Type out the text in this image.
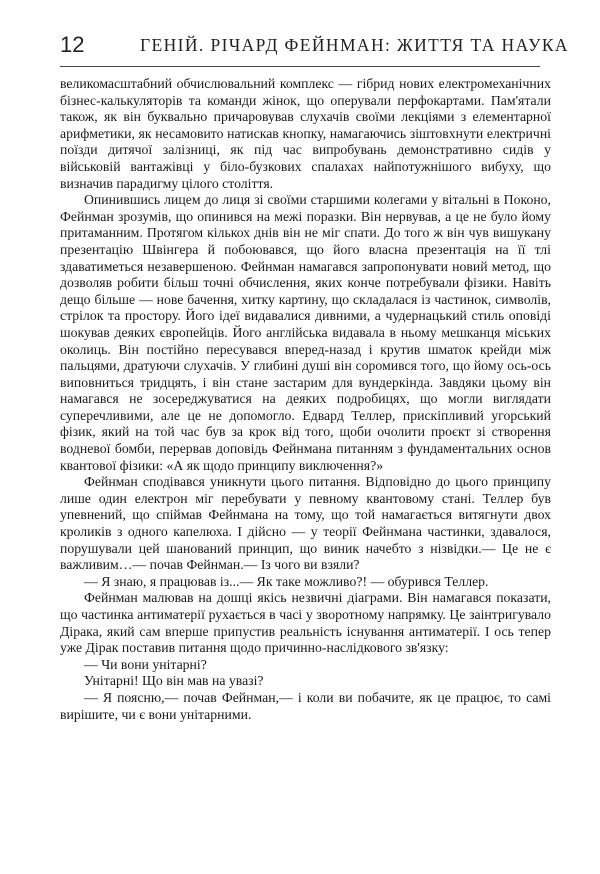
12	ГЕНІЙ. РІЧАРД ФЕЙНМАН: ЖИТТЯ ТА НАУКА

великомасштабний обчислювальний комплекс — гібрид нових електромеханічних бізнес-калькуляторів та команди жінок, що оперували перфокартами. Пам'ятали також, як він буквально причаровував слухачів своїми лекціями з елементарної арифметики, як несамовито натискав кнопку, намагаючись зіштовхнути електричні поїзди дитячої залізниці, як під час випробувань демонстративно сидів у військовій вантажівці у біло-бузкових спалахах найпотужнішого вибуху, що визначив парадигму цілого століття.

Опинившись лицем до лиця зі своїми старшими колегами у вітальні в Поконо, Фейнман зрозумів, що опинився на межі поразки. Він нервував, а це не було йому притаманним. Протягом кількох днів він не міг спати. До того ж він чув вишукану презентацію Швінгера й побоювався, що його власна презентація на її тлі здаватиметься незавершеною. Фейнман намагався запропонувати новий метод, що дозволяв робити більш точні обчислення, яких конче потребували фізики. Навіть дещо більше — нове бачення, хитку картину, що складалася із частинок, символів, стрілок та простору. Його ідеї видавалися дивними, а чудернацький стиль оповіді шокував деяких європейців. Його англійська видавала в ньому мешканця міських околиць. Він постійно пересувався вперед-назад і крутив шматок крейди між пальцями, дратуючи слухачів. У глибині душі він соромився того, що йому ось-ось виповниться тридцять, і він стане застарим для вундеркінда. Завдяки цьому він намагався не зосереджуватися на деяких подробицях, що могли виглядати суперечливими, але це не допомогло. Едвард Теллер, прискіпливий угорський фізик, який на той час був за крок від того, щоби очолити проєкт зі створення водневої бомби, перервав доповідь Фейнмана питанням з фундаментальних основ квантової фізики: «А як щодо принципу виключення?»

Фейнман сподівався уникнути цього питання. Відповідно до цього принципу лише один електрон міг перебувати у певному квантовому стані. Теллер був упевнений, що спіймав Фейнмана на тому, що той намагається витягнути двох кроликів з одного капелюха. І дійсно — у теорії Фейнмана частинки, здавалося, порушували цей шанований принцип, що виник начебто з нізвідки.— Це не є важливим…— почав Фейнман.— Із чого ви взяли?

— Я знаю, я працював із...— Як таке можливо?! — обурився Теллер.

Фейнман малював на дошці якісь незвичні діаграми. Він намагався показати, що частинка антиматерії рухається в часі у зворотному напрямку. Це заінтригувало Дірака, який сам вперше припустив реальність існування антиматерії. І ось тепер уже Дірак поставив питання щодо причинно-наслідкового зв'язку:

— Чи вони унітарні?

Унітарні! Що він мав на увазі?

— Я поясню,— почав Фейнман,— і коли ви побачите, як це працює, то самі вирішите, чи є вони унітарними.
